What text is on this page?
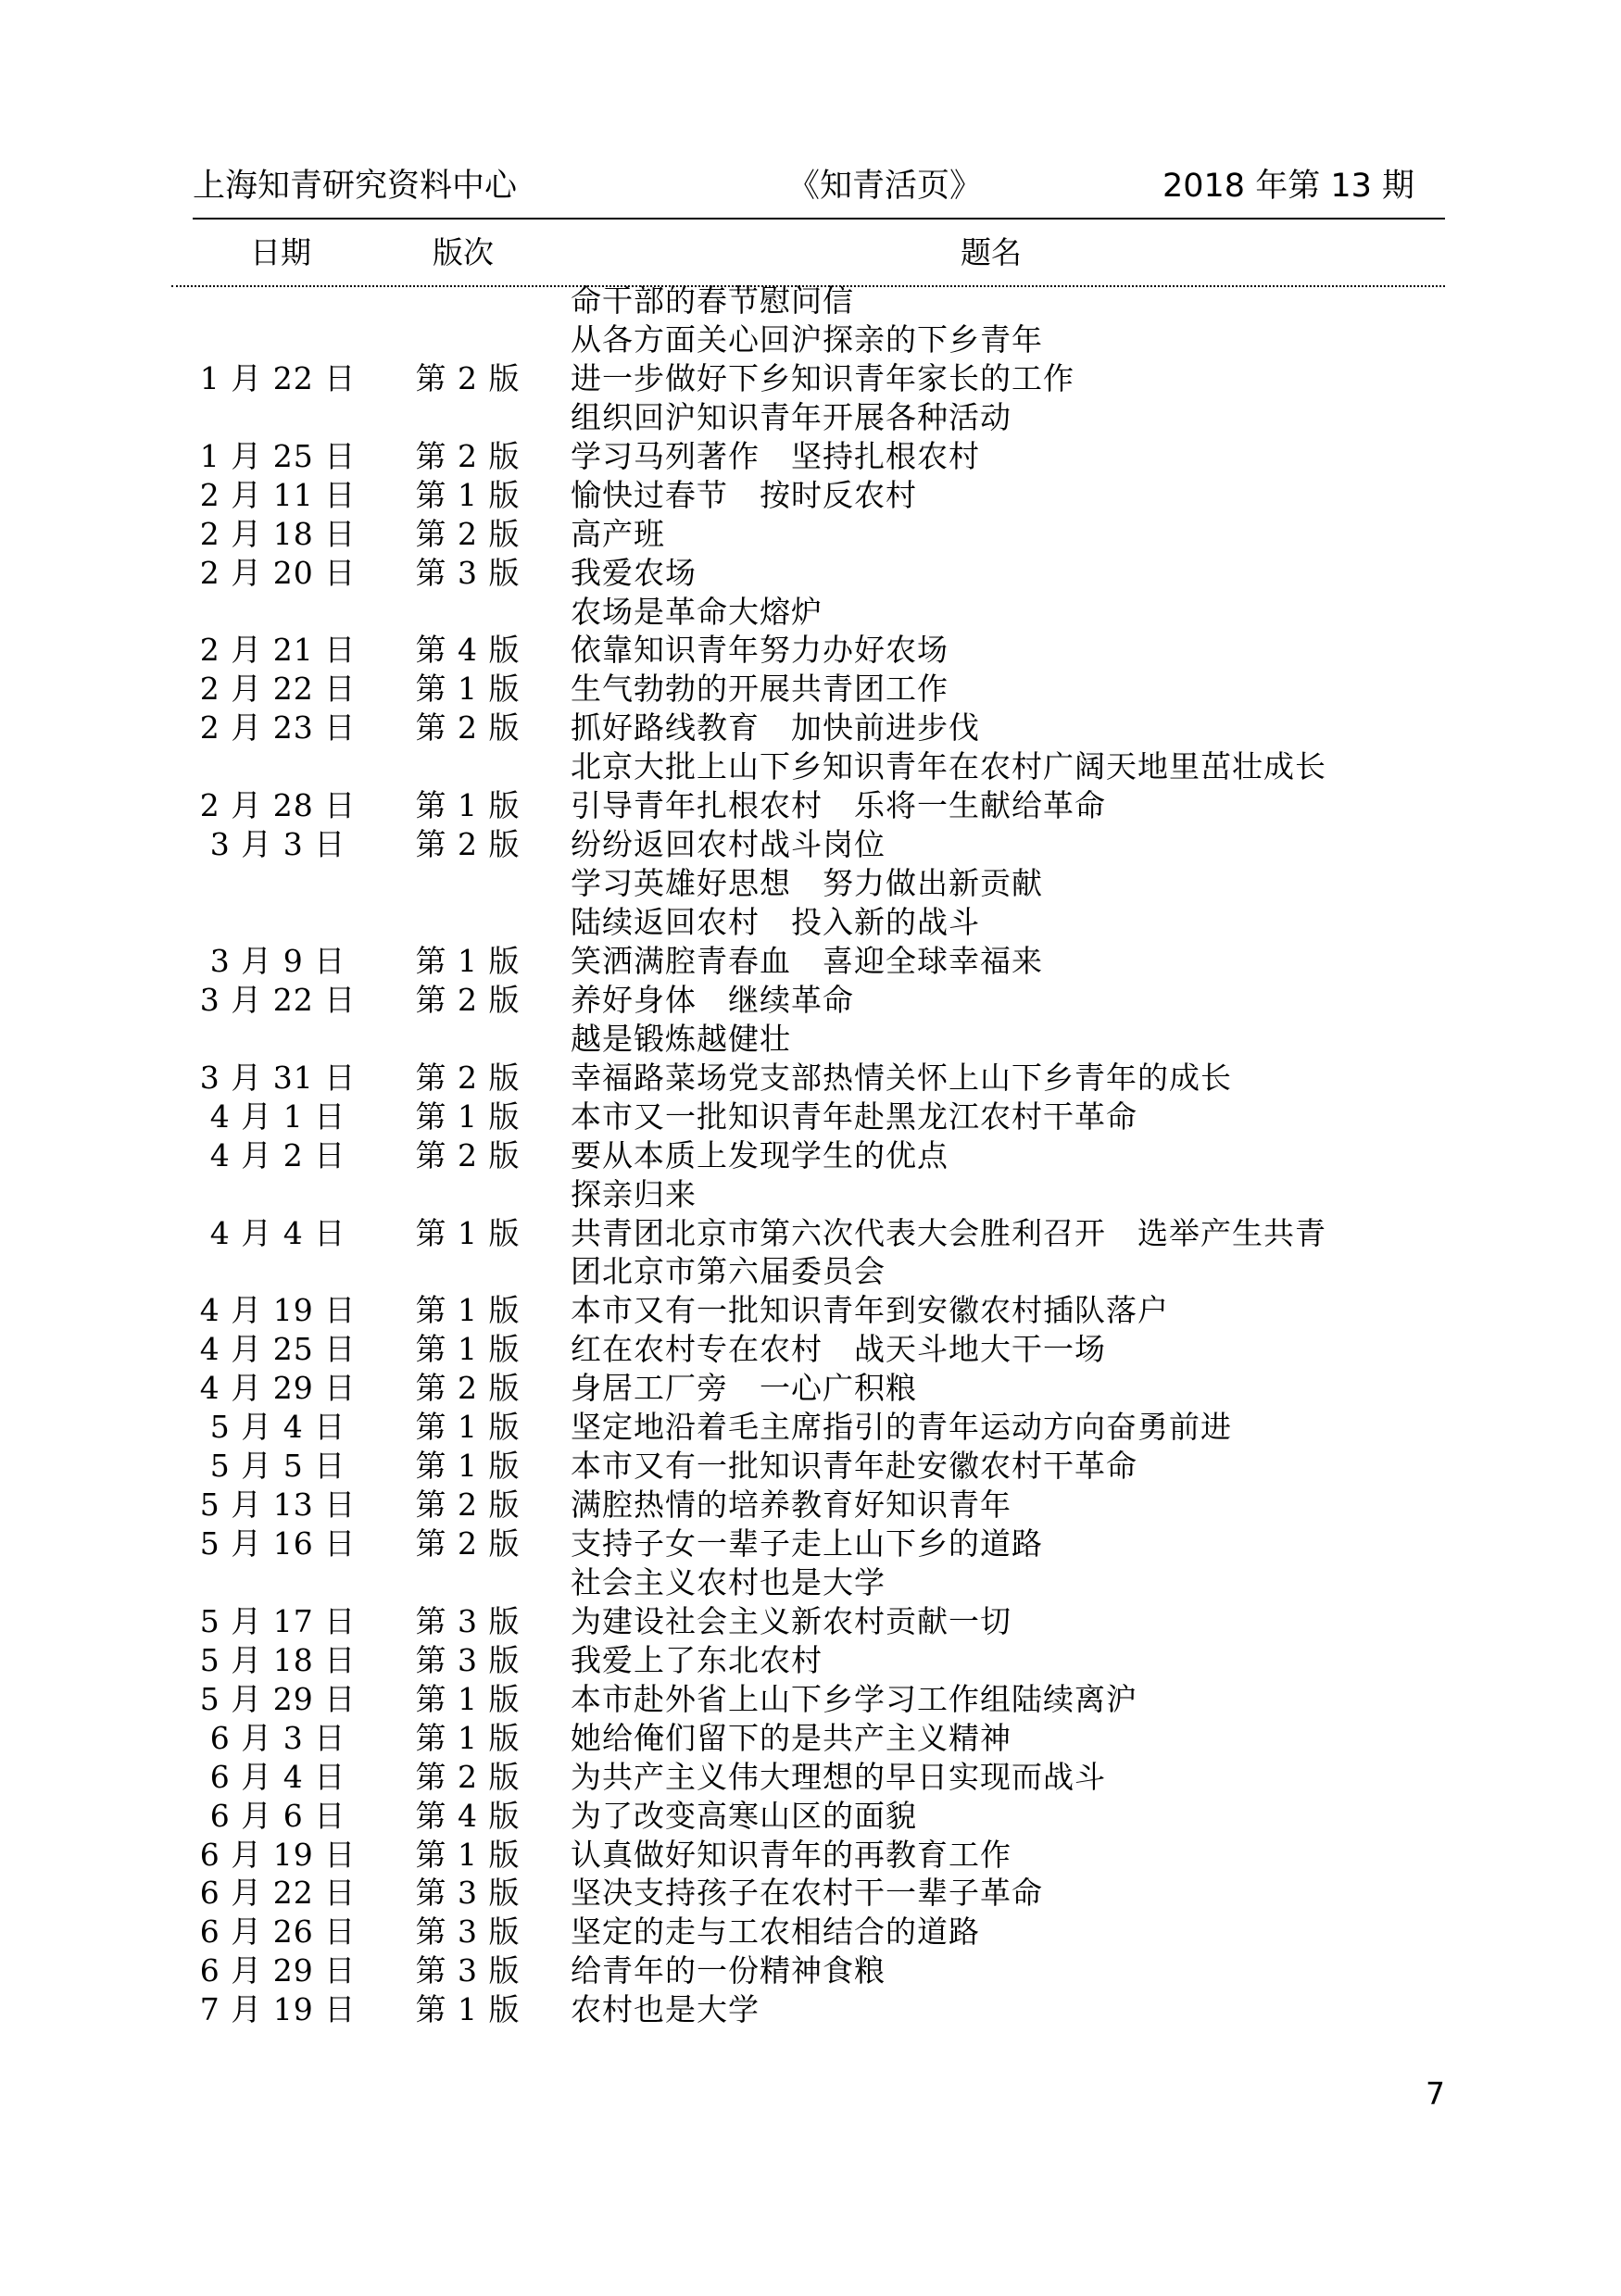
上海知青研究资料中心	《知青活页》	2018 年第 13 期
日期	版次	题名
命干部的春节慰问信
从各方面关心回沪探亲的下乡青年
1 月 22 日	第 2 版	进一步做好下乡知识青年家长的工作
组织回沪知识青年开展各种活动
1 月 25 日	第 2 版	学习马列著作　坚持扎根农村
2 月 11 日	第 1 版	愉快过春节　按时反农村
2 月 18 日	第 2 版	高产班
2 月 20 日	第 3 版	我爱农场
农场是革命大熔炉
2 月 21 日	第 4 版	依靠知识青年努力办好农场
2 月 22 日	第 1 版	生气勃勃的开展共青团工作
2 月 23 日	第 2 版	抓好路线教育　加快前进步伐
北京大批上山下乡知识青年在农村广阔天地里茁壮成长
2 月 28 日	第 1 版	引导青年扎根农村　乐将一生献给革命
3 月 3 日	第 2 版	纷纷返回农村战斗岗位
学习英雄好思想　努力做出新贡献
陆续返回农村　投入新的战斗
3 月 9 日	第 1 版	笑洒满腔青春血　喜迎全球幸福来
3 月 22 日	第 2 版	养好身体　继续革命
越是锻炼越健壮
3 月 31 日	第 2 版	幸福路菜场党支部热情关怀上山下乡青年的成长
4 月 1 日	第 1 版	本市又一批知识青年赴黑龙江农村干革命
4 月 2 日	第 2 版	要从本质上发现学生的优点
探亲归来
4 月 4 日	第 1 版	共青团北京市第六次代表大会胜利召开　选举产生共青
团北京市第六届委员会
4 月 19 日	第 1 版	本市又有一批知识青年到安徽农村插队落户
4 月 25 日	第 1 版	红在农村专在农村　战天斗地大干一场
4 月 29 日	第 2 版	身居工厂旁　一心广积粮
5 月 4 日	第 1 版	坚定地沿着毛主席指引的青年运动方向奋勇前进
5 月 5 日	第 1 版	本市又有一批知识青年赴安徽农村干革命
5 月 13 日	第 2 版	满腔热情的培养教育好知识青年
5 月 16 日	第 2 版	支持子女一辈子走上山下乡的道路
社会主义农村也是大学
5 月 17 日	第 3 版	为建设社会主义新农村贡献一切
5 月 18 日	第 3 版	我爱上了东北农村
5 月 29 日	第 1 版	本市赴外省上山下乡学习工作组陆续离沪
6 月 3 日	第 1 版	她给俺们留下的是共产主义精神
6 月 4 日	第 2 版	为共产主义伟大理想的早日实现而战斗
6 月 6 日	第 4 版	为了改变高寒山区的面貌
6 月 19 日	第 1 版	认真做好知识青年的再教育工作
6 月 22 日	第 3 版	坚决支持孩子在农村干一辈子革命
6 月 26 日	第 3 版	坚定的走与工农相结合的道路
6 月 29 日	第 3 版	给青年的一份精神食粮
7 月 19 日	第 1 版	农村也是大学
7
